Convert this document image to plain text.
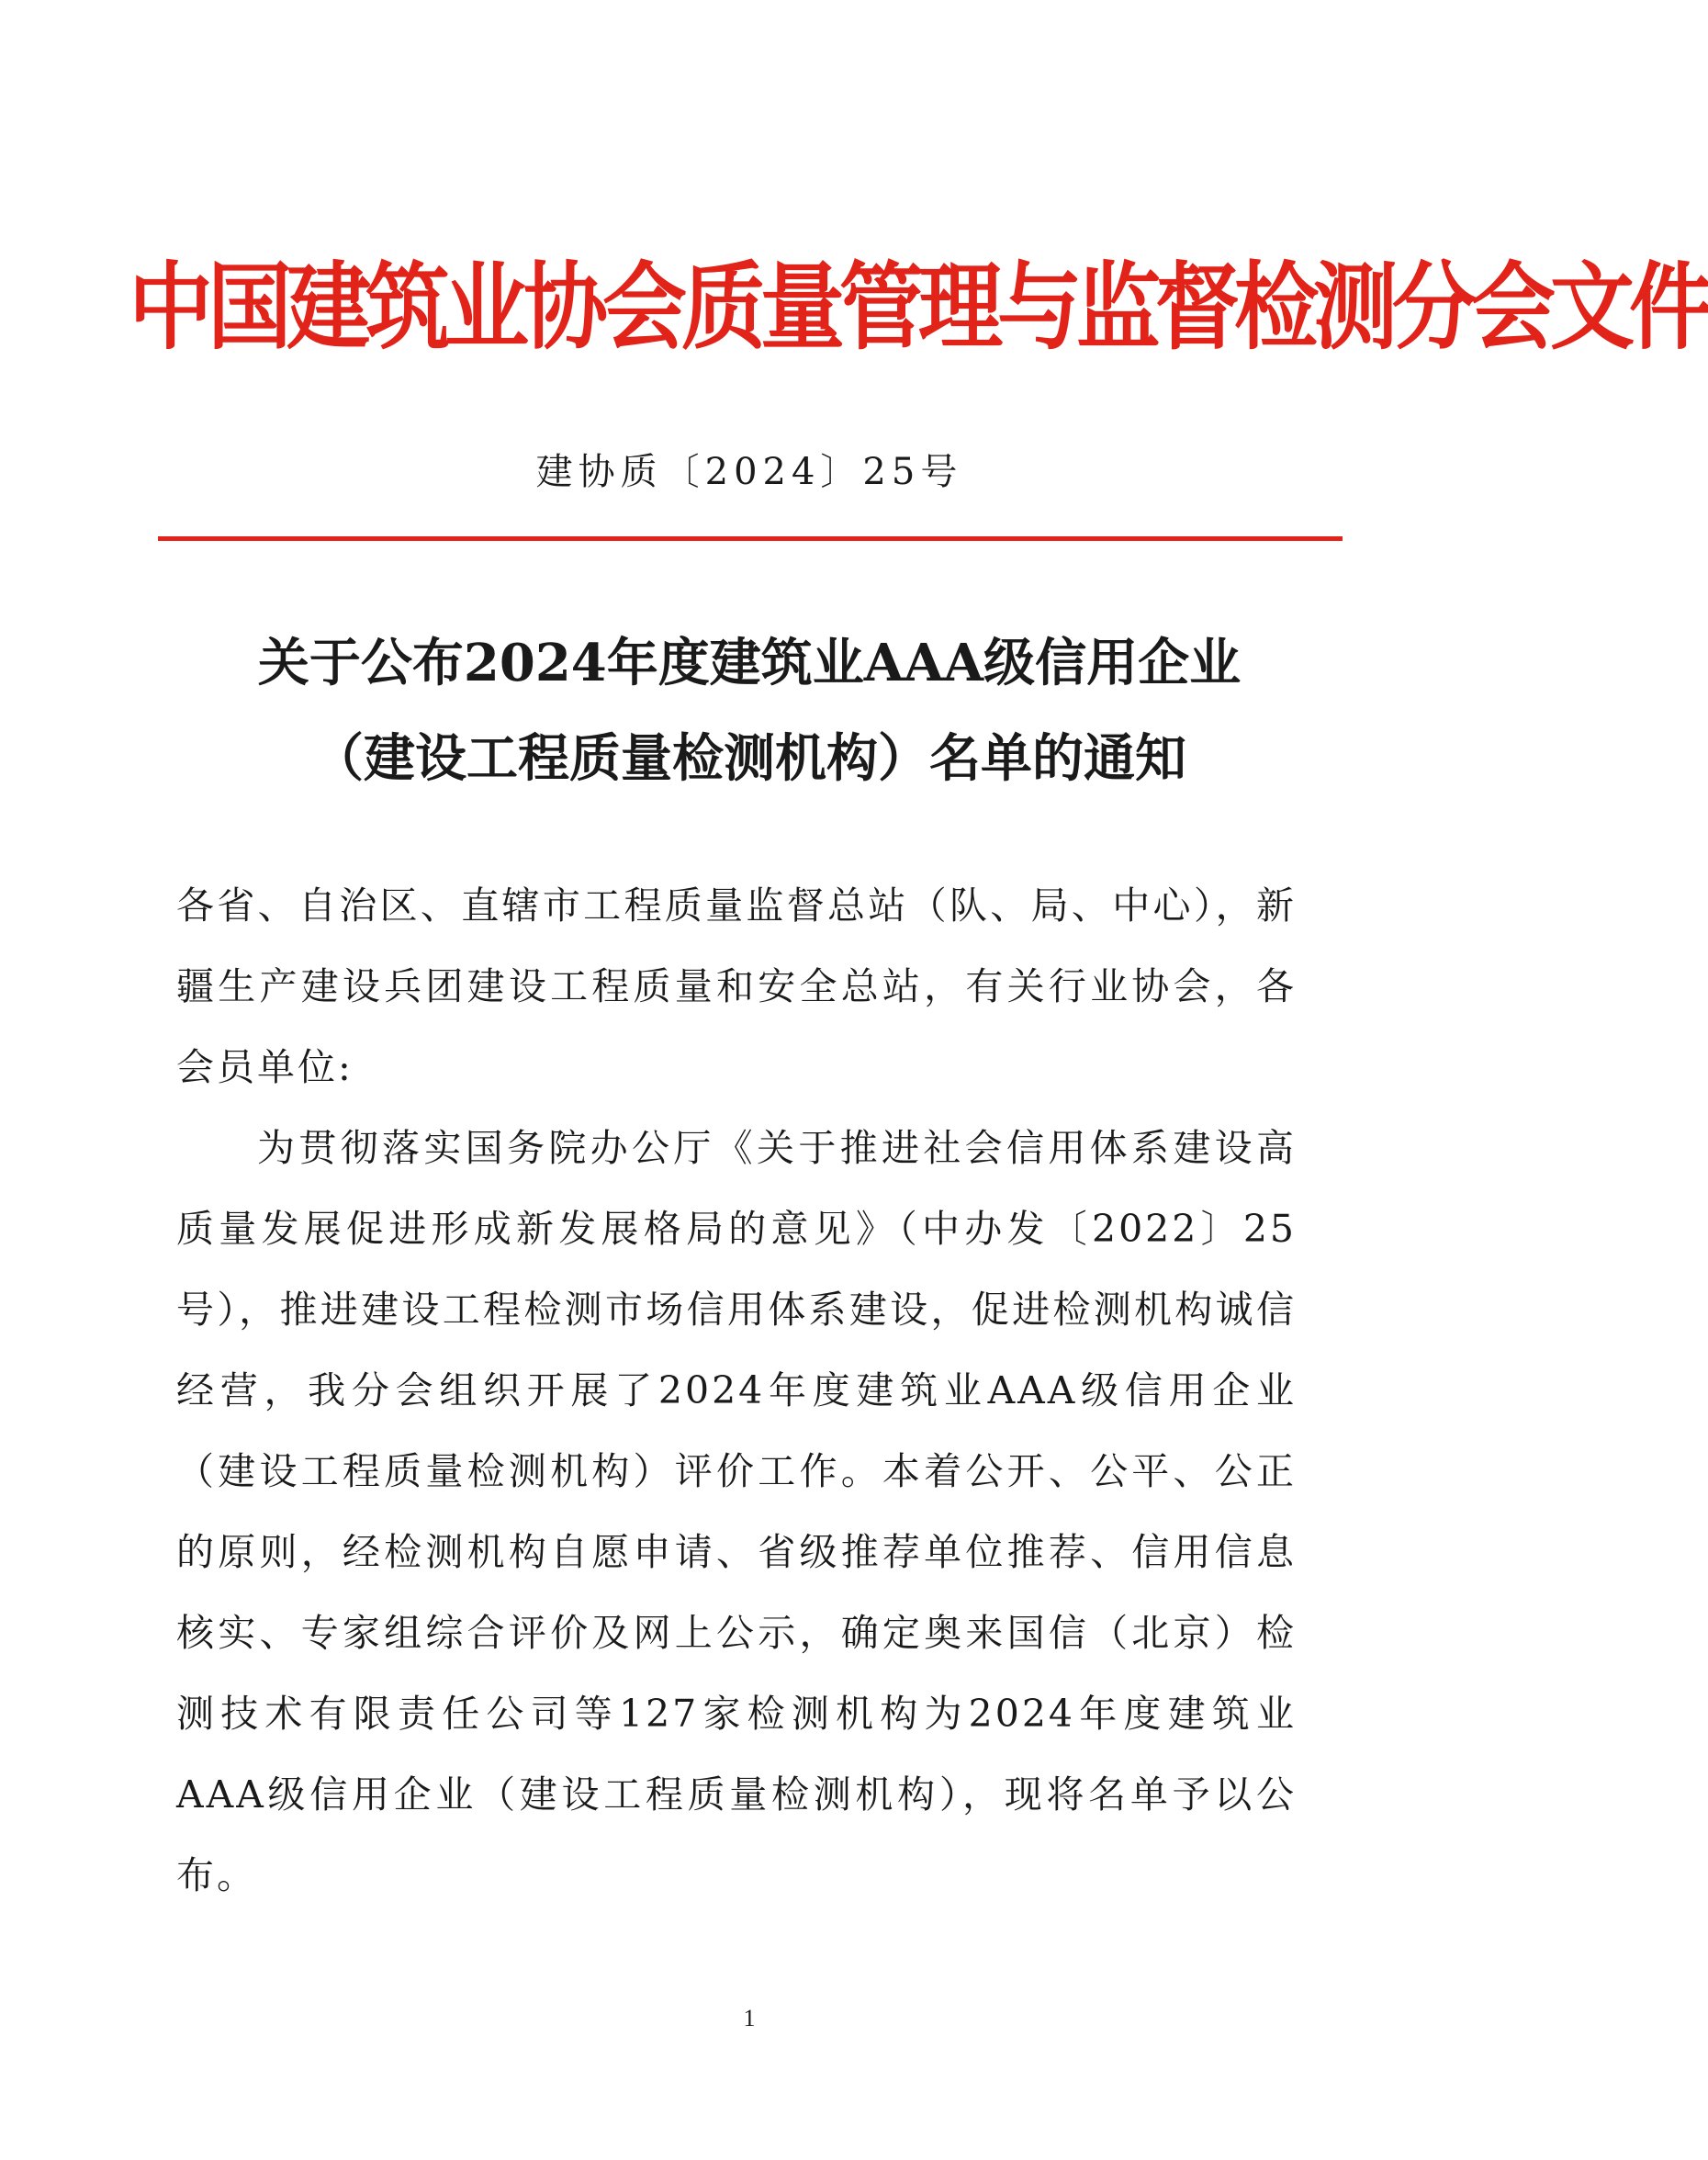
中国建筑业协会质量管理与监督检测分会文件
建协质〔2024〕25号
关于公布2024年度建筑业AAA级信用企业
（建设工程质量检测机构）名单的通知

各省、自治区、直辖市工程质量监督总站（队、局、中心），新疆生产建设兵团建设工程质量和安全总站，有关行业协会，各会员单位:

为贯彻落实国务院办公厅《关于推进社会信用体系建设高质量发展促进形成新发展格局的意见》（中办发〔2022〕25号），推进建设工程检测市场信用体系建设，促进检测机构诚信经营，我分会组织开展了2024年度建筑业AAA级信用企业（建设工程质量检测机构）评价工作。本着公开、公平、公正的原则，经检测机构自愿申请、省级推荐单位推荐、信用信息核实、专家组综合评价及网上公示，确定奥来国信（北京）检测技术有限责任公司等127家检测机构为2024年度建筑业AAA级信用企业（建设工程质量检测机构），现将名单予以公布。

1
